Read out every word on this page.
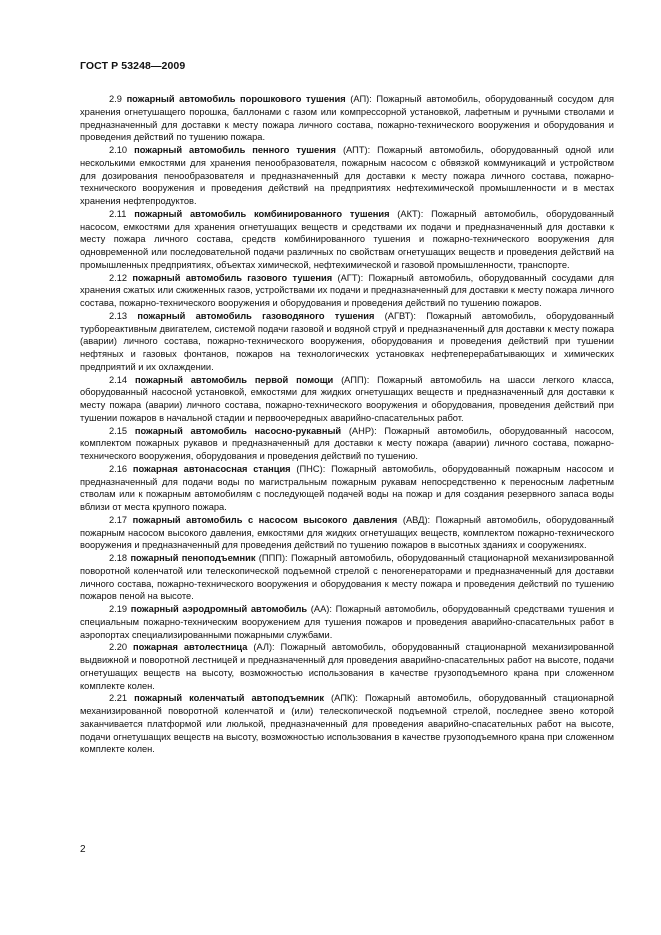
ГОСТ Р 53248—2009

2.9 пожарный автомобиль порошкового тушения (АП): Пожарный автомобиль, оборудованный сосудом для хранения огнетушащего порошка, баллонами с газом или компрессорной установкой, лафетным и ручными стволами и предназначенный для доставки к месту пожара личного состава, пожарно-технического вооружения и оборудования и проведения действий по тушению пожара.

2.10 пожарный автомобиль пенного тушения (АПТ): Пожарный автомобиль, оборудованный одной или несколькими емкостями для хранения пенообразователя, пожарным насосом с обвязкой коммуникаций и устройством для дозирования пенообразователя и предназначенный для доставки к месту пожара личного состава, пожарно-технического вооружения и проведения действий на предприятиях нефтехимической промышленности и в местах хранения нефтепродуктов.

2.11 пожарный автомобиль комбинированного тушения (АКТ): Пожарный автомобиль, оборудованный насосом, емкостями для хранения огнетушащих веществ и средствами их подачи и предназначенный для доставки к месту пожара личного состава, средств комбинированного тушения и пожарно-технического вооружения для одновременной или последовательной подачи различных по свойствам огнетушащих веществ и проведения действий на промышленных предприятиях, объектах химической, нефтехимической и газовой промышленности, транспорте.

2.12 пожарный автомобиль газового тушения (АГТ): Пожарный автомобиль, оборудованный сосудами для хранения сжатых или сжиженных газов, устройствами их подачи и предназначенный для доставки к месту пожара личного состава, пожарно-технического вооружения и оборудования и проведения действий по тушению пожаров.

2.13 пожарный автомобиль газоводяного тушения (АГВТ): Пожарный автомобиль, оборудованный турбореактивным двигателем, системой подачи газовой и водяной струй и предназначенный для доставки к месту пожара (аварии) личного состава, пожарно-технического вооружения, оборудования и проведения действий при тушении нефтяных и газовых фонтанов, пожаров на технологических установках нефтеперерабатывающих и химических предприятий и их охлаждении.

2.14 пожарный автомобиль первой помощи (АПП): Пожарный автомобиль на шасси легкого класса, оборудованный насосной установкой, емкостями для жидких огнетушащих веществ и предназначенный для доставки к месту пожара (аварии) личного состава, пожарно-технического вооружения и оборудования, проведения действий при тушении пожаров в начальной стадии и первоочередных аварийно-спасательных работ.

2.15 пожарный автомобиль насосно-рукавный (АНР): Пожарный автомобиль, оборудованный насосом, комплектом пожарных рукавов и предназначенный для доставки к месту пожара (аварии) личного состава, пожарно-технического вооружения, оборудования и проведения действий по тушению.

2.16 пожарная автонасосная станция (ПНС): Пожарный автомобиль, оборудованный пожарным насосом и предназначенный для подачи воды по магистральным пожарным рукавам непосредственно к переносным лафетным стволам или к пожарным автомобилям с последующей подачей воды на пожар и для создания резервного запаса воды вблизи от места крупного пожара.

2.17 пожарный автомобиль с насосом высокого давления (АВД): Пожарный автомобиль, оборудованный пожарным насосом высокого давления, емкостями для жидких огнетушащих веществ, комплектом пожарно-технического вооружения и предназначенный для проведения действий по тушению пожаров в высотных зданиях и сооружениях.

2.18 пожарный пеноподъемник (ППП): Пожарный автомобиль, оборудованный стационарной механизированной поворотной коленчатой или телескопической подъемной стрелой с пеногенераторами и предназначенный для доставки личного состава, пожарно-технического вооружения и оборудования к месту пожара и проведения действий по тушению пожаров пеной на высоте.

2.19 пожарный аэродромный автомобиль (АА): Пожарный автомобиль, оборудованный средствами тушения и специальным пожарно-техническим вооружением для тушения пожаров и проведения аварийно-спасательных работ в аэропортах специализированными пожарными службами.

2.20 пожарная автолестница (АЛ): Пожарный автомобиль, оборудованный стационарной механизированной выдвижной и поворотной лестницей и предназначенный для проведения аварийно-спасательных работ на высоте, подачи огнетушащих веществ на высоту, возможностью использования в качестве грузоподъемного крана при сложенном комплекте колен.

2.21 пожарный коленчатый автоподъемник (АПК): Пожарный автомобиль, оборудованный стационарной механизированной поворотной коленчатой и (или) телескопической подъемной стрелой, последнее звено которой заканчивается платформой или люлькой, предназначенный для проведения аварийно-спасательных работ на высоте, подачи огнетушащих веществ на высоту, возможностью использования в качестве грузоподъемного крана при сложенном комплекте колен.

2
